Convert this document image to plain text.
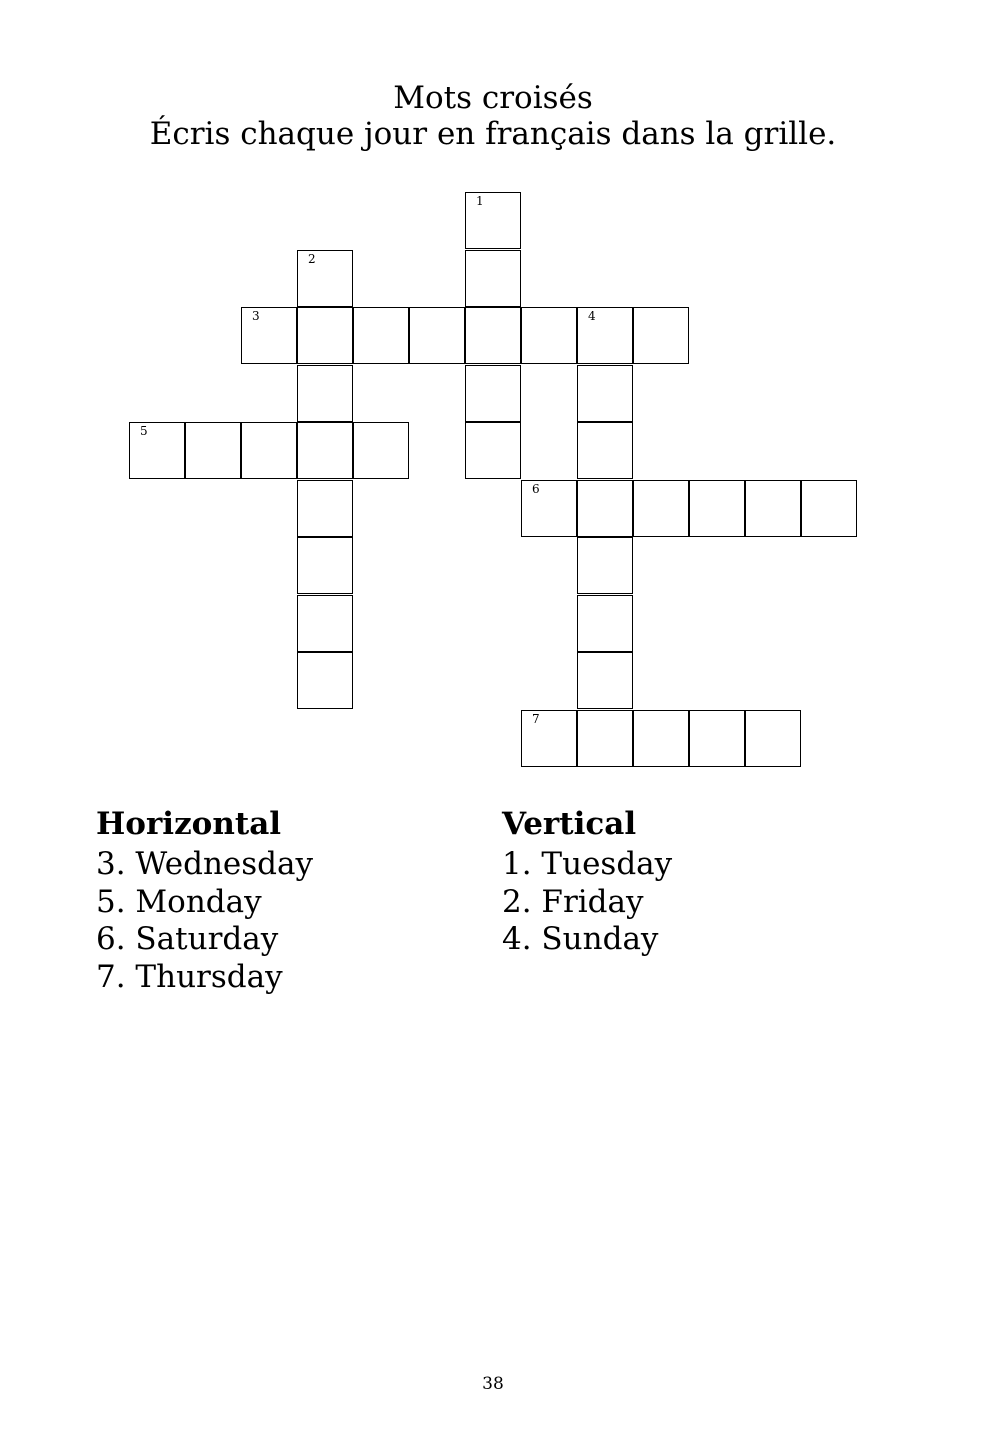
Mots croisés
Écris chaque jour en français dans la grille.
1
2
3	4
5
6
7

Horizontal

3. Wednesday

5. Monday

6. Saturday

7. Thursday

Vertical

1. Tuesday

2. Friday

4. Sunday

38
